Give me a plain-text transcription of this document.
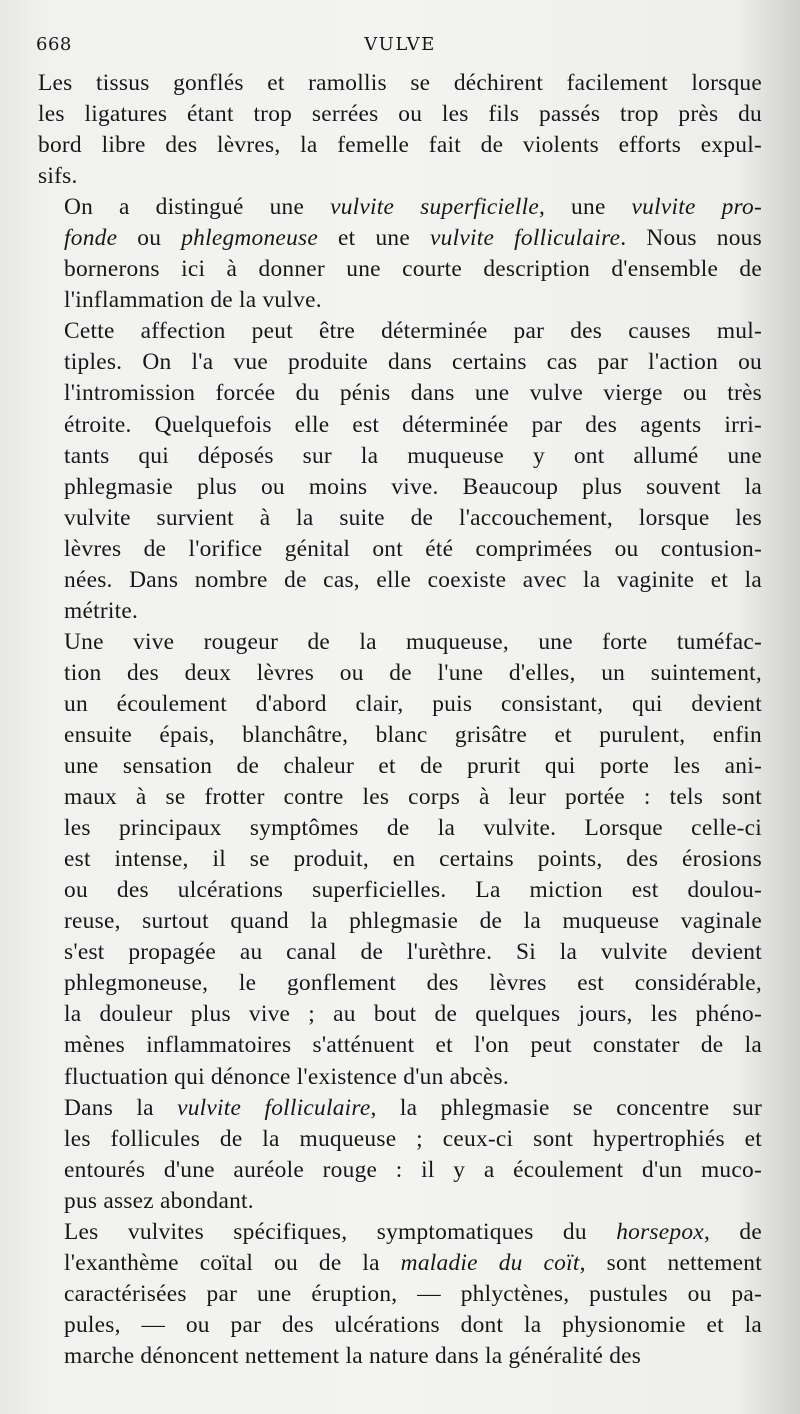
668	VULVE

Les tissus gonflés et ramollis se déchirent facilement lorsque
les ligatures étant trop serrées ou les fils passés trop près du
bord libre des lèvres, la femelle fait de violents efforts expul-
sifs.

On a distingué une vulvite superficielle, une vulvite pro-
fonde ou phlegmoneuse et une vulvite folliculaire. Nous nous
bornerons ici à donner une courte description d'ensemble de
l'inflammation de la vulve.

Cette affection peut être déterminée par des causes mul-
tiples. On l'a vue produite dans certains cas par l'action ou
l'intromission forcée du pénis dans une vulve vierge ou très
étroite. Quelquefois elle est déterminée par des agents irri-
tants qui déposés sur la muqueuse y ont allumé une
phlegmasie plus ou moins vive. Beaucoup plus souvent la
vulvite survient à la suite de l'accouchement, lorsque les
lèvres de l'orifice génital ont été comprimées ou contusion-
nées. Dans nombre de cas, elle coexiste avec la vaginite et la
métrite.

Une vive rougeur de la muqueuse, une forte tuméfac-
tion des deux lèvres ou de l'une d'elles, un suintement,
un écoulement d'abord clair, puis consistant, qui devient
ensuite épais, blanchâtre, blanc grisâtre et purulent, enfin
une sensation de chaleur et de prurit qui porte les ani-
maux à se frotter contre les corps à leur portée : tels sont
les principaux symptômes de la vulvite. Lorsque celle-ci
est intense, il se produit, en certains points, des érosions
ou des ulcérations superficielles. La miction est doulou-
reuse, surtout quand la phlegmasie de la muqueuse vaginale
s'est propagée au canal de l'urèthre. Si la vulvite devient
phlegmoneuse, le gonflement des lèvres est considérable,
la douleur plus vive ; au bout de quelques jours, les phéno-
mènes inflammatoires s'atténuent et l'on peut constater de la
fluctuation qui dénonce l'existence d'un abcès.

Dans la vulvite folliculaire, la phlegmasie se concentre sur
les follicules de la muqueuse ; ceux-ci sont hypertrophiés et
entourés d'une auréole rouge : il y a écoulement d'un muco-
pus assez abondant.

Les vulvites spécifiques, symptomatiques du horsepox, de
l'exanthème coïtal ou de la maladie du coït, sont nettement
caractérisées par une éruption, — phlyctènes, pustules ou pa-
pules, — ou par des ulcérations dont la physionomie et la
marche dénoncent nettement la nature dans la généralité des
